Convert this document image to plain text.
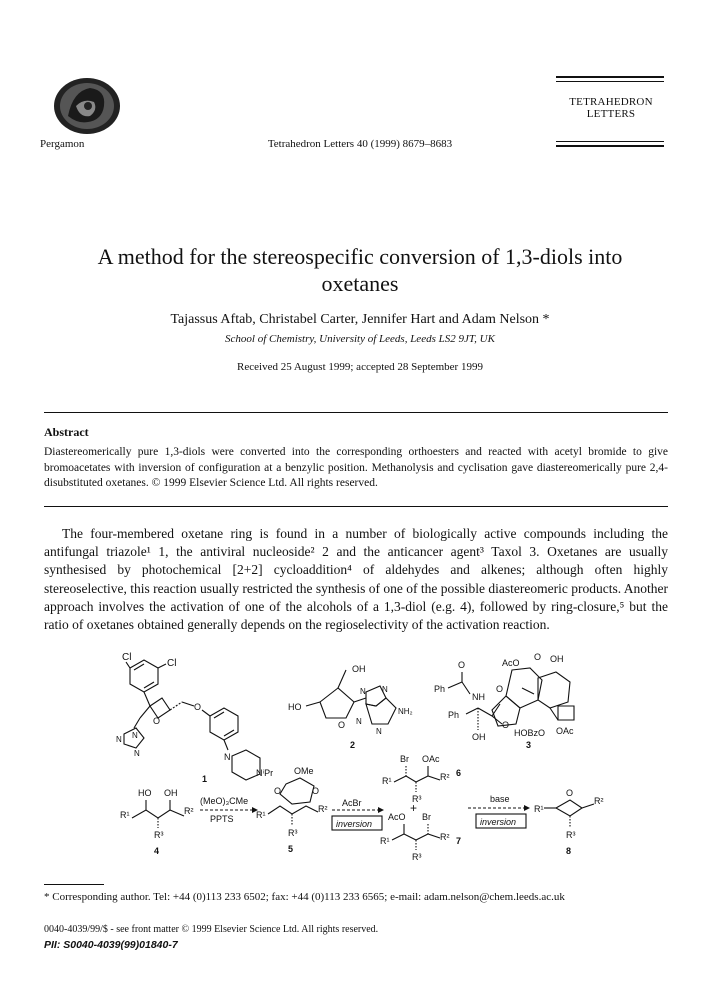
Pergamon	Tetrahedron Letters 40 (1999) 8679–8683
TETRAHEDRON
LETTERS
A method for the stereospecific conversion of 1,3-diols into oxetanes
Tajassus Aftab, Christabel Carter, Jennifer Hart and Adam Nelson *
School of Chemistry, University of Leeds, Leeds LS2 9JT, UK
Received 25 August 1999; accepted 28 September 1999
Abstract
Diastereomerically pure 1,3-diols were converted into the corresponding orthoesters and reacted with acetyl bromide to give bromoacetates with inversion of configuration at a benzylic position. Methanolysis and cyclisation gave diastereomerically pure 2,4-disubstituted oxetanes. © 1999 Elsevier Science Ltd. All rights reserved.
The four-membered oxetane ring is found in a number of biologically active compounds including the antifungal triazole¹ 1, the antiviral nucleoside² 2 and the anticancer agent³ Taxol 3. Oxetanes are usually synthesised by photochemical [2+2] cycloaddition⁴ of aldehydes and alkenes; although often highly stereoselective, this reaction usually restricted the synthesis of one of the possible diastereomeric products. Another approach involves the activation of one of the alcohols of a 1,3-diol (e.g. 4), followed by ring-closure,⁵ but the ratio of oxetanes obtained generally depends on the regioselectivity of the activation reaction.
Cl
Cl
O
N
N
N
O
N
NⁱPr
1
OH
O
HO
N N
NH₂
N
N
2
O
Ph
NH
O
Ph
O
OH
AcO
O OH
HOBzO OAc
3
HO OH
R¹	R²
R³
4
(MeO)₃CMe
PPTS
OMe
O	O
R¹
R²
R³
5
AcBr
inversion
Br OAc
R¹	R²
R³
6
AcO
+
Br
R¹	R²
R³
7
base
inversion
O
R¹
R²
R³
8
* Corresponding author. Tel: +44 (0)113 233 6502; fax: +44 (0)113 233 6565; e-mail: adam.nelson@chem.leeds.ac.uk
0040-4039/99/$ - see front matter © 1999 Elsevier Science Ltd. All rights reserved.
PII: S0040-4039(99)01840-7
